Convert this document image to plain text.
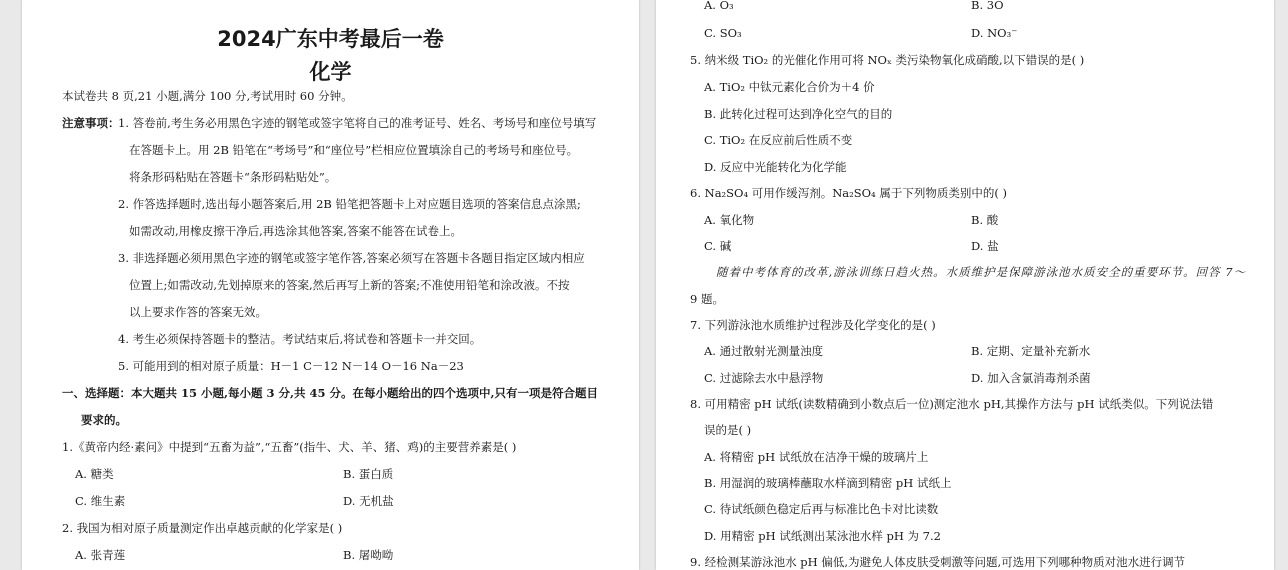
2024广东中考最后一卷
化学
本试卷共 8 页,21 小题,满分 100 分,考试用时 60 分钟。
注意事项：
1. 答卷前,考生务必用黑色字迹的钢笔或签字笔将自己的准考证号、姓名、考场号和座位号填写
在答题卡上。用 2B 铅笔在“考场号”和“座位号”栏相应位置填涂自己的考场号和座位号。
将条形码粘贴在答题卡“条形码粘贴处”。
2. 作答选择题时,选出每小题答案后,用 2B 铅笔把答题卡上对应题目选项的答案信息点涂黑;
如需改动,用橡皮擦干净后,再选涂其他答案,答案不能答在试卷上。
3. 非选择题必须用黑色字迹的钢笔或签字笔作答,答案必须写在答题卡各题目指定区域内相应
位置上;如需改动,先划掉原来的答案,然后再写上新的答案;不准使用铅笔和涂改液。不按
以上要求作答的答案无效。
4. 考生必须保持答题卡的整洁。考试结束后,将试卷和答题卡一并交回。
5. 可能用到的相对原子质量：H－1 C－12 N－14 O－16 Na－23
一、选择题：本大题共 15 小题,每小题 3 分,共 45 分。在每小题给出的四个选项中,只有一项是符合题目
要求的。
1.《黄帝内经·素问》中提到“五畜为益”,“五畜”(指牛、犬、羊、猪、鸡)的主要营养素是( )
A. 糖类	B. 蛋白质
C. 维生素	D. 无机盐
2. 我国为相对原子质量测定作出卓越贡献的化学家是( )
A. 张青莲	B. 屠呦呦
A. O₃	B. 3O
C. SO₃	D. NO₃⁻
5. 纳米级 TiO₂ 的光催化作用可将 NOₓ 类污染物氧化成硝酸,以下错误的是( )
A. TiO₂ 中钛元素化合价为＋4 价
B. 此转化过程可达到净化空气的目的
C. TiO₂ 在反应前后性质不变
D. 反应中光能转化为化学能
6. Na₂SO₄ 可用作缓泻剂。Na₂SO₄ 属于下列物质类别中的( )
A. 氧化物	B. 酸
C. 碱	D. 盐
随着中考体育的改革,游泳训练日趋火热。水质维护是保障游泳池水质安全的重要环节。回答 7～
9 题。
7. 下列游泳池水质维护过程涉及化学变化的是( )
A. 通过散射光测量浊度	B. 定期、定量补充新水
C. 过滤除去水中悬浮物	D. 加入含氯消毒剂杀菌
8. 可用精密 pH 试纸(读数精确到小数点后一位)测定池水 pH,其操作方法与 pH 试纸类似。下列说法错
误的是( )
A. 将精密 pH 试纸放在洁净干燥的玻璃片上
B. 用湿润的玻璃棒蘸取水样滴到精密 pH 试纸上
C. 待试纸颜色稳定后再与标准比色卡对比读数
D. 用精密 pH 试纸测出某泳池水样 pH 为 7.2
9. 经检测某游泳池水 pH 偏低,为避免人体皮肤受刺激等问题,可选用下列哪种物质对池水进行调节
